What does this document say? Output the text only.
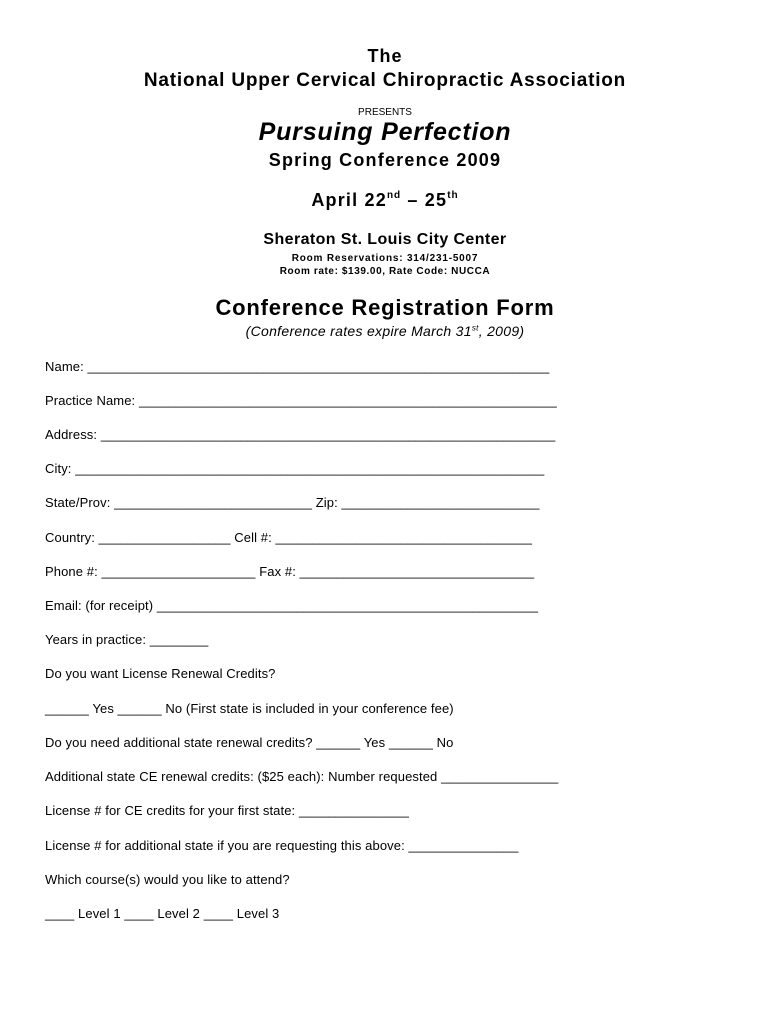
The
National Upper Cervical Chiropractic Association
PRESENTS
Pursuing Perfection
Spring Conference 2009
April 22nd – 25th
Sheraton St. Louis City Center
Room Reservations: 314/231-5007
Room rate: $139.00, Rate Code: NUCCA
Conference Registration Form
(Conference rates expire March 31st, 2009)
Name: _______________________________________________________________
Practice Name: _________________________________________________________
Address: ______________________________________________________________
City: ________________________________________________________________
State/Prov: ___________________________ Zip: ___________________________
Country: __________________ Cell #: ___________________________________
Phone #: _____________________ Fax #: ________________________________
Email: (for receipt) ____________________________________________________
Years in practice: ________
Do you want License Renewal Credits?
______ Yes ______ No (First state is included in your conference fee)
Do you need additional state renewal credits? ______ Yes ______ No
Additional state CE renewal credits: ($25 each): Number requested ________________
License # for CE credits for your first state: _______________
License # for additional state if you are requesting this above: _______________
Which course(s) would you like to attend?
____ Level 1 ____ Level 2 ____ Level 3
